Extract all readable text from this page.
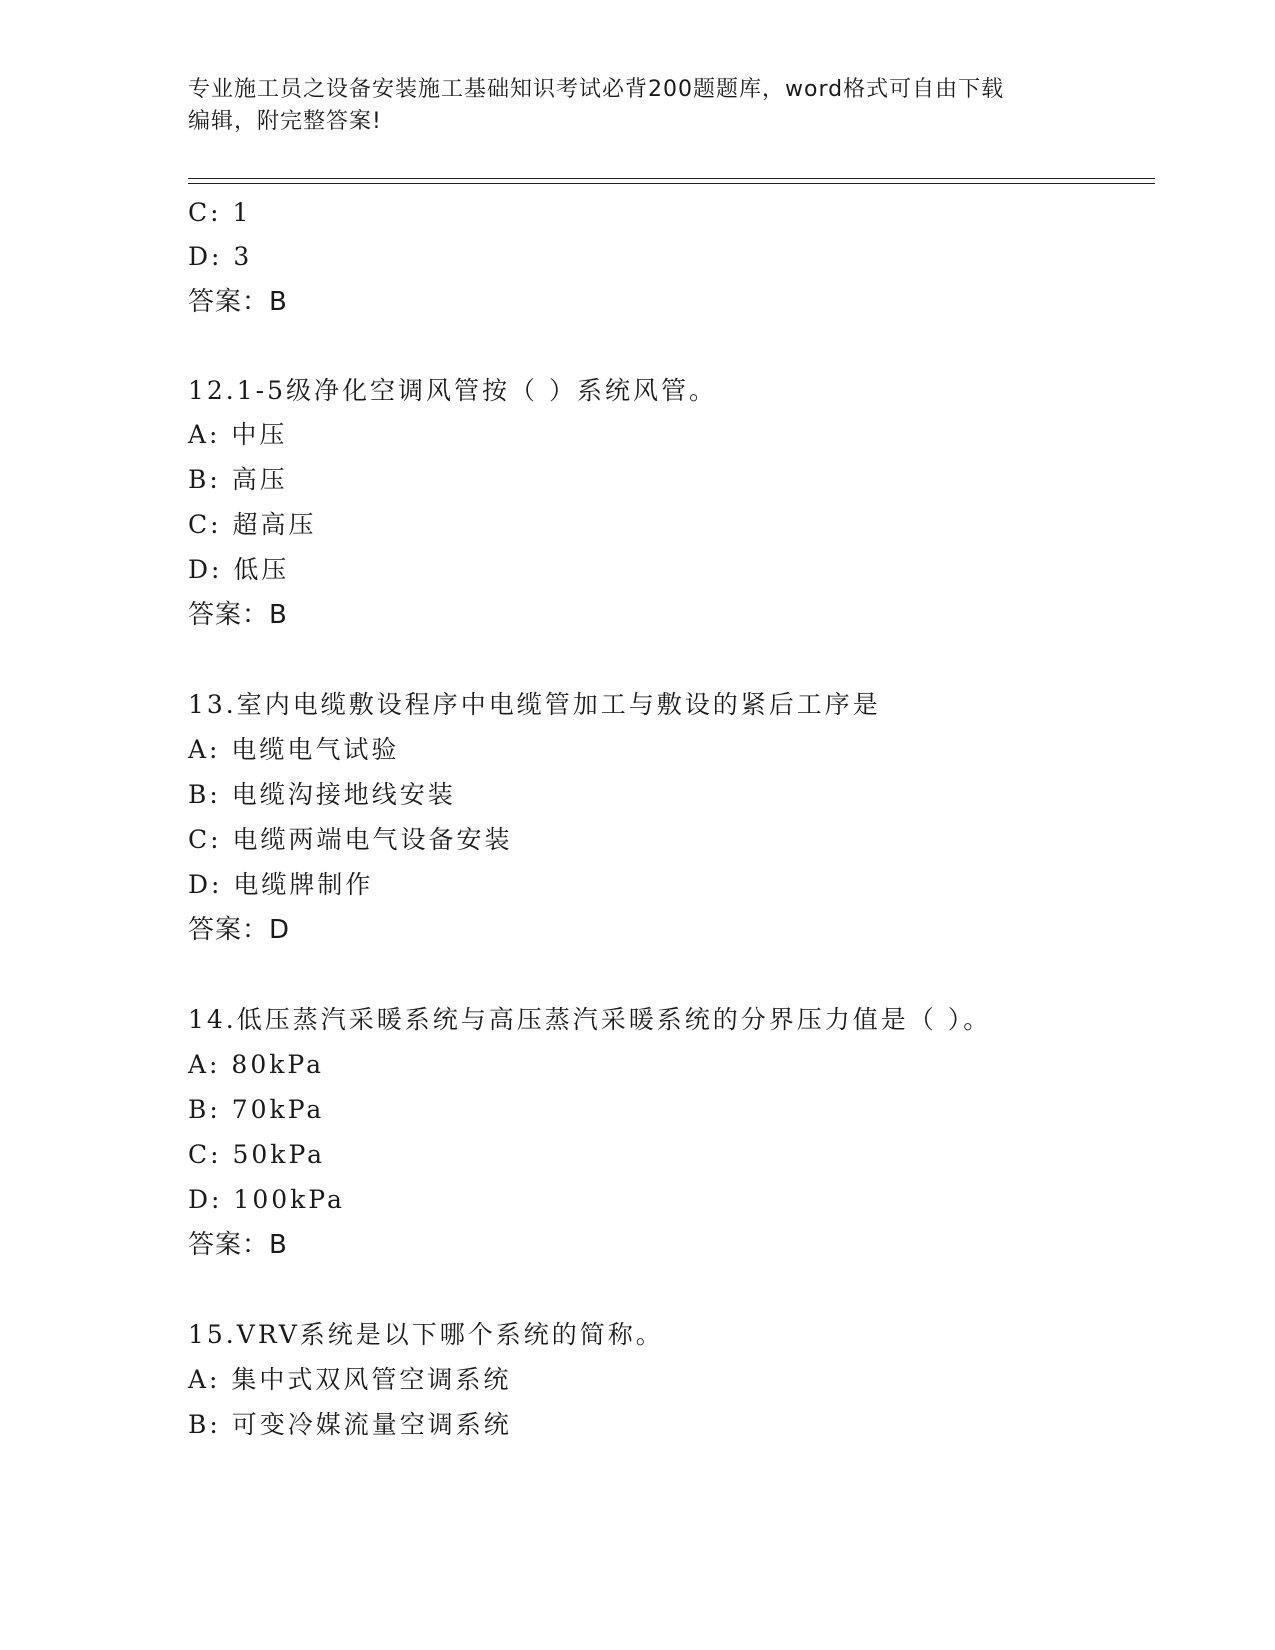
专业施工员之设备安装施工基础知识考试必背200题题库，word格式可自由下载
编辑，附完整答案!
C: 1
D: 3
答案：B
12.1-5级净化空调风管按（ ）系统风管。
A: 中压
B: 高压
C: 超高压
D: 低压
答案：B
13.室内电缆敷设程序中电缆管加工与敷设的紧后工序是
A: 电缆电气试验
B: 电缆沟接地线安装
C: 电缆两端电气设备安装
D: 电缆牌制作
答案：D
14.低压蒸汽采暖系统与高压蒸汽采暖系统的分界压力值是（ ）。
A: 80kPa
B: 70kPa
C: 50kPa
D: 100kPa
答案：B
15.VRV系统是以下哪个系统的简称。
A: 集中式双风管空调系统
B: 可变冷媒流量空调系统
